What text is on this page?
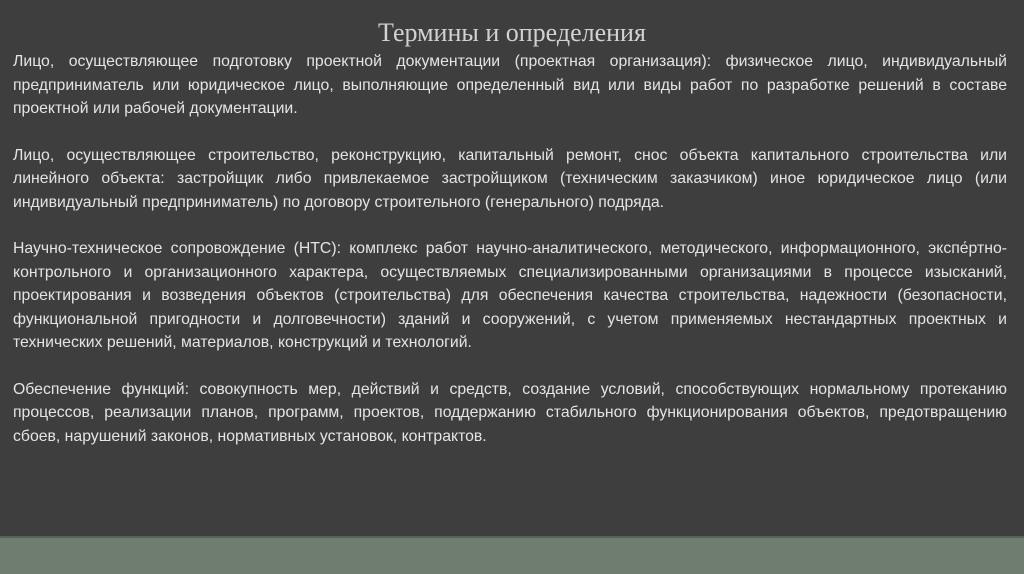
Термины и определения

Лицо, осуществляющее подготовку проектной документации (проектная организация): физическое лицо, индивидуальный предприниматель или юридическое лицо, выполняющие определенный вид или виды работ по разработке решений в составе проектной или рабочей документации.

Лицо, осуществляющее строительство, реконструкцию, капитальный ремонт, снос объекта капитального строительства или линейного объекта: застройщик либо привлекаемое застройщиком (техническим заказчиком) иное юридическое лицо (или индивидуальный предприниматель) по договору строительного (генерального) подряда.

Научно-техническое сопровождение (НТС): комплекс работ научно-аналитического, методического, информационного, экспе́ртно-контрольного и организационного характера, осуществляемых специализированными организациями в процессе изысканий, проектирования и возведения объектов (строительства) для обеспечения качества строительства, надежности (безопасности, функциональной пригодности и долговечности) зданий и сооружений, с учетом применяемых нестандартных проектных и технических решений, материалов, конструкций и технологий.

Обеспечение функций: совокупность мер, действий и средств, создание условий, способствующих нормальному протеканию процессов, реализации планов, программ, проектов, поддержанию стабильного функционирования объектов, предотвращению сбоев, нарушений законов, нормативных установок, контрактов.
